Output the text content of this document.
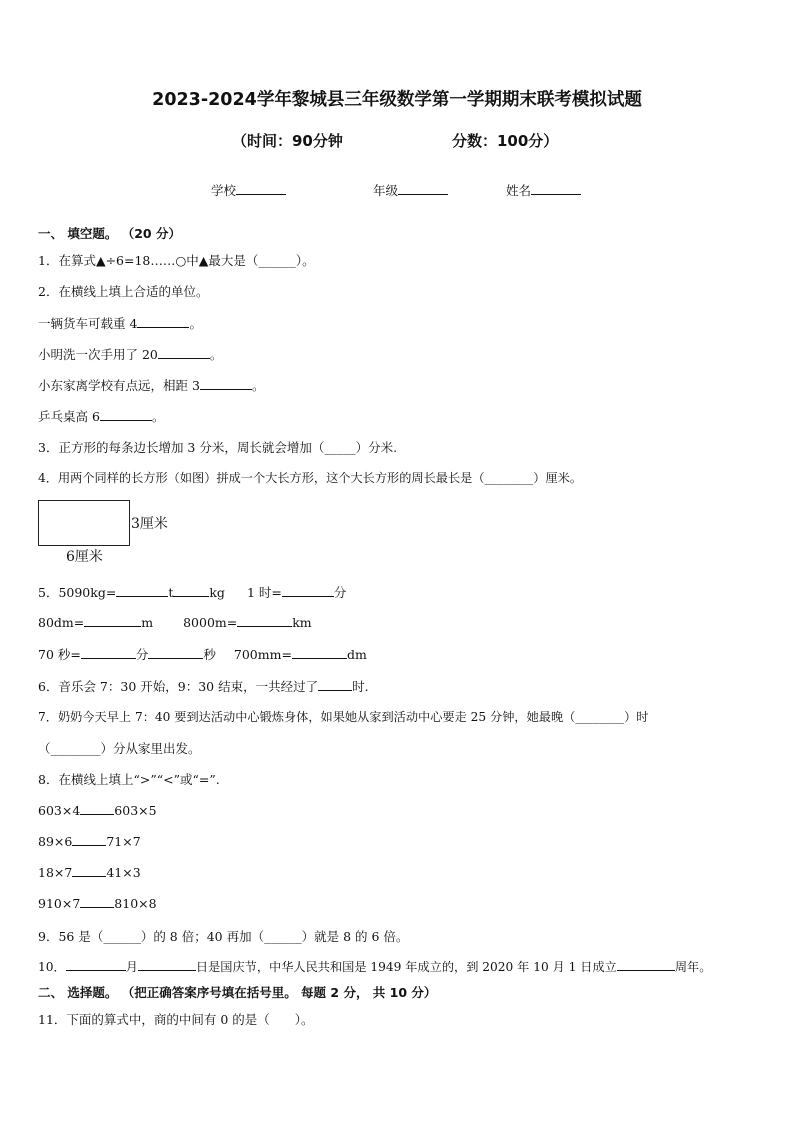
2023-2024学年黎城县三年级数学第一学期期末联考模拟试题
（时间：90分钟	分数：100分）
学校	年级	姓名
一、 填空题。 （20 分）
1．在算式▲÷6=18……○中▲最大是（______）。
2．在横线上填上合适的单位。
一辆货车可载重 4	。
小明洗一次手用了 20	。
小东家离学校有点远，相距 3	。
乒乓桌高 6	。
3．正方形的每条边长增加 3 分米，周长就会增加（_____）分米.
4．用两个同样的长方形（如图）拼成一个大长方形，这个大长方形的周长最长是（________）厘米。
3厘米
6厘米
5．5090kg=	t	kg 1 时=	分
80dm=	m 8000m=	km
70 秒=	分	秒 700mm=	dm
6．音乐会 7：30 开始，9：30 结束，一共经过了	时.
7．奶奶今天早上 7：40 要到达活动中心锻炼身体，如果她从家到活动中心要走 25 分钟，她最晚（________）时
（________）分从家里出发。
8．在横线上填上“>”“<”或“=”.
603×4	603×5
89×6	71×7
18×7	41×3
910×7	810×8
9．56 是（______）的 8 倍；40 再加（______）就是 8 的 6 倍。
10．	月	日是国庆节，中华人民共和国是 1949 年成立的，到 2020 年 10 月 1 日成立	周年。
二、 选择题。 （把正确答案序号填在括号里。 每题 2 分， 共 10 分）
11．下面的算式中，商的中间有 0 的是（　　）。
